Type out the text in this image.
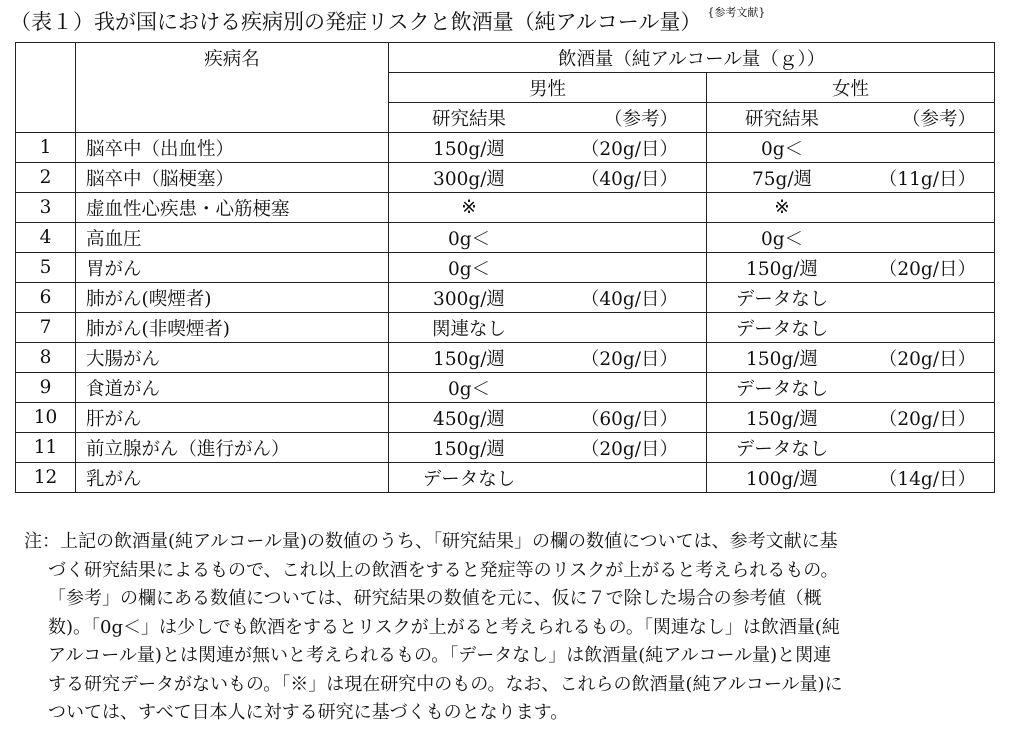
（表１）我が国における疾病別の発症リスクと飲酒量（純アルコール量） $^{\{参考文献\}}$
	疾病名	飲酒量（純アルコール量（ｇ））	
		男性	女性

		研究結果 （参考）	研究結果 （参考）

1	脳卒中（出血性）	150g/週 （20g/日）	0g＜

2	脳卒中（脳梗塞）	300g/週 （40g/日）	75g/週 （11g/日）

3	虚血性心疾患・心筋梗塞	※	※

4	高血圧	0g＜	0g＜

5	胃がん	0g＜	150g/週 （20g/日）

6	肺がん(喫煙者)	300g/週 （40g/日）	データなし

7	肺がん(非喫煙者)	関連なし	データなし

8	大腸がん	150g/週 （20g/日）	150g/週 （20g/日）

9	食道がん	0g＜	データなし

10	肝がん	450g/週 （60g/日）	150g/週 （20g/日）

11	前立腺がん（進行がん）	150g/週 （20g/日）	データなし

12	乳がん	データなし	100g/週 （14g/日）
注：上記の飲酒量(純アルコール量)の数値のうち、「研究結果」の欄の数値については、参考文献に基
づく研究結果によるもので、これ以上の飲酒をすると発症等のリスクが上がると考えられるもの。
「参考」の欄にある数値については、研究結果の数値を元に、仮に７で除した場合の参考値（概
数)。「0g＜」は少しでも飲酒をするとリスクが上がると考えられるもの。「関連なし」は飲酒量(純
アルコール量)とは関連が無いと考えられるもの。「データなし」は飲酒量(純アルコール量)と関連
する研究データがないもの。「※」は現在研究中のもの。なお、これらの飲酒量(純アルコール量)に
ついては、すべて日本人に対する研究に基づくものとなります。
